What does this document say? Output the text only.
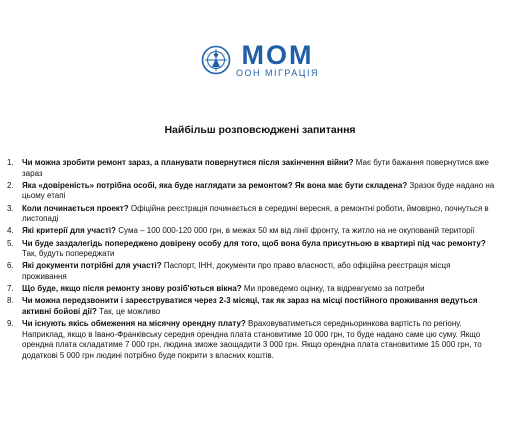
MOM
ООН МІГРАЦІЯ
Найбільш розповсюджені запитання
1. Чи можна зробити ремонт зараз, а планувати повернутися після закінчення війни? Має бути бажання повернутися вже зараз
2. Яка «довіреність» потрібна особі, яка буде наглядати за ремонтом? Як вона має бути складена? Зразок буде надано на цьому етапі
3. Коли починається проект? Офіційна реєстрація починається в середині вересня, а ремонтні роботи, ймовірно, почнуться в листопаді
4. Які критерії для участі? Сума – 100 000-120 000 грн, в межах 50 км від лінії фронту, та житло на не окупованій території
5. Чи буде заздалегідь попереджено довірену особу для того, щоб вона була присутньою в квартирі під час ремонту? Так, будуть попереджати
6. Які документи потрібні для участі? Паспорт, ІНН, документи про право власності, або офіційна реєстрація місця проживання
7. Що буде, якщо після ремонту знову розіб'ються вікна? Ми проведемо оцінку, та відреагуємо за потреби
8. Чи можна передзвонити і зареєструватися через 2-3 місяці, так як зараз на місці постійного проживання ведуться активні бойові дії? Так, це можливо
9. Чи існують якісь обмеження на місячну орендну плату? Враховуватиметься середньоринкова вартість по регіону. Наприклад, якщо в Івано-Франківську середня орендна плата становитиме 10 000 грн, то буде надано саме цю суму. Якщо орендна плата складатиме 7 000 грн, людина зможе заощадити 3 000 грн. Якщо орендна плата становитиме 15 000 грн, то додаткові 5 000 грн людині потрібно буде покрити з власних коштів.
